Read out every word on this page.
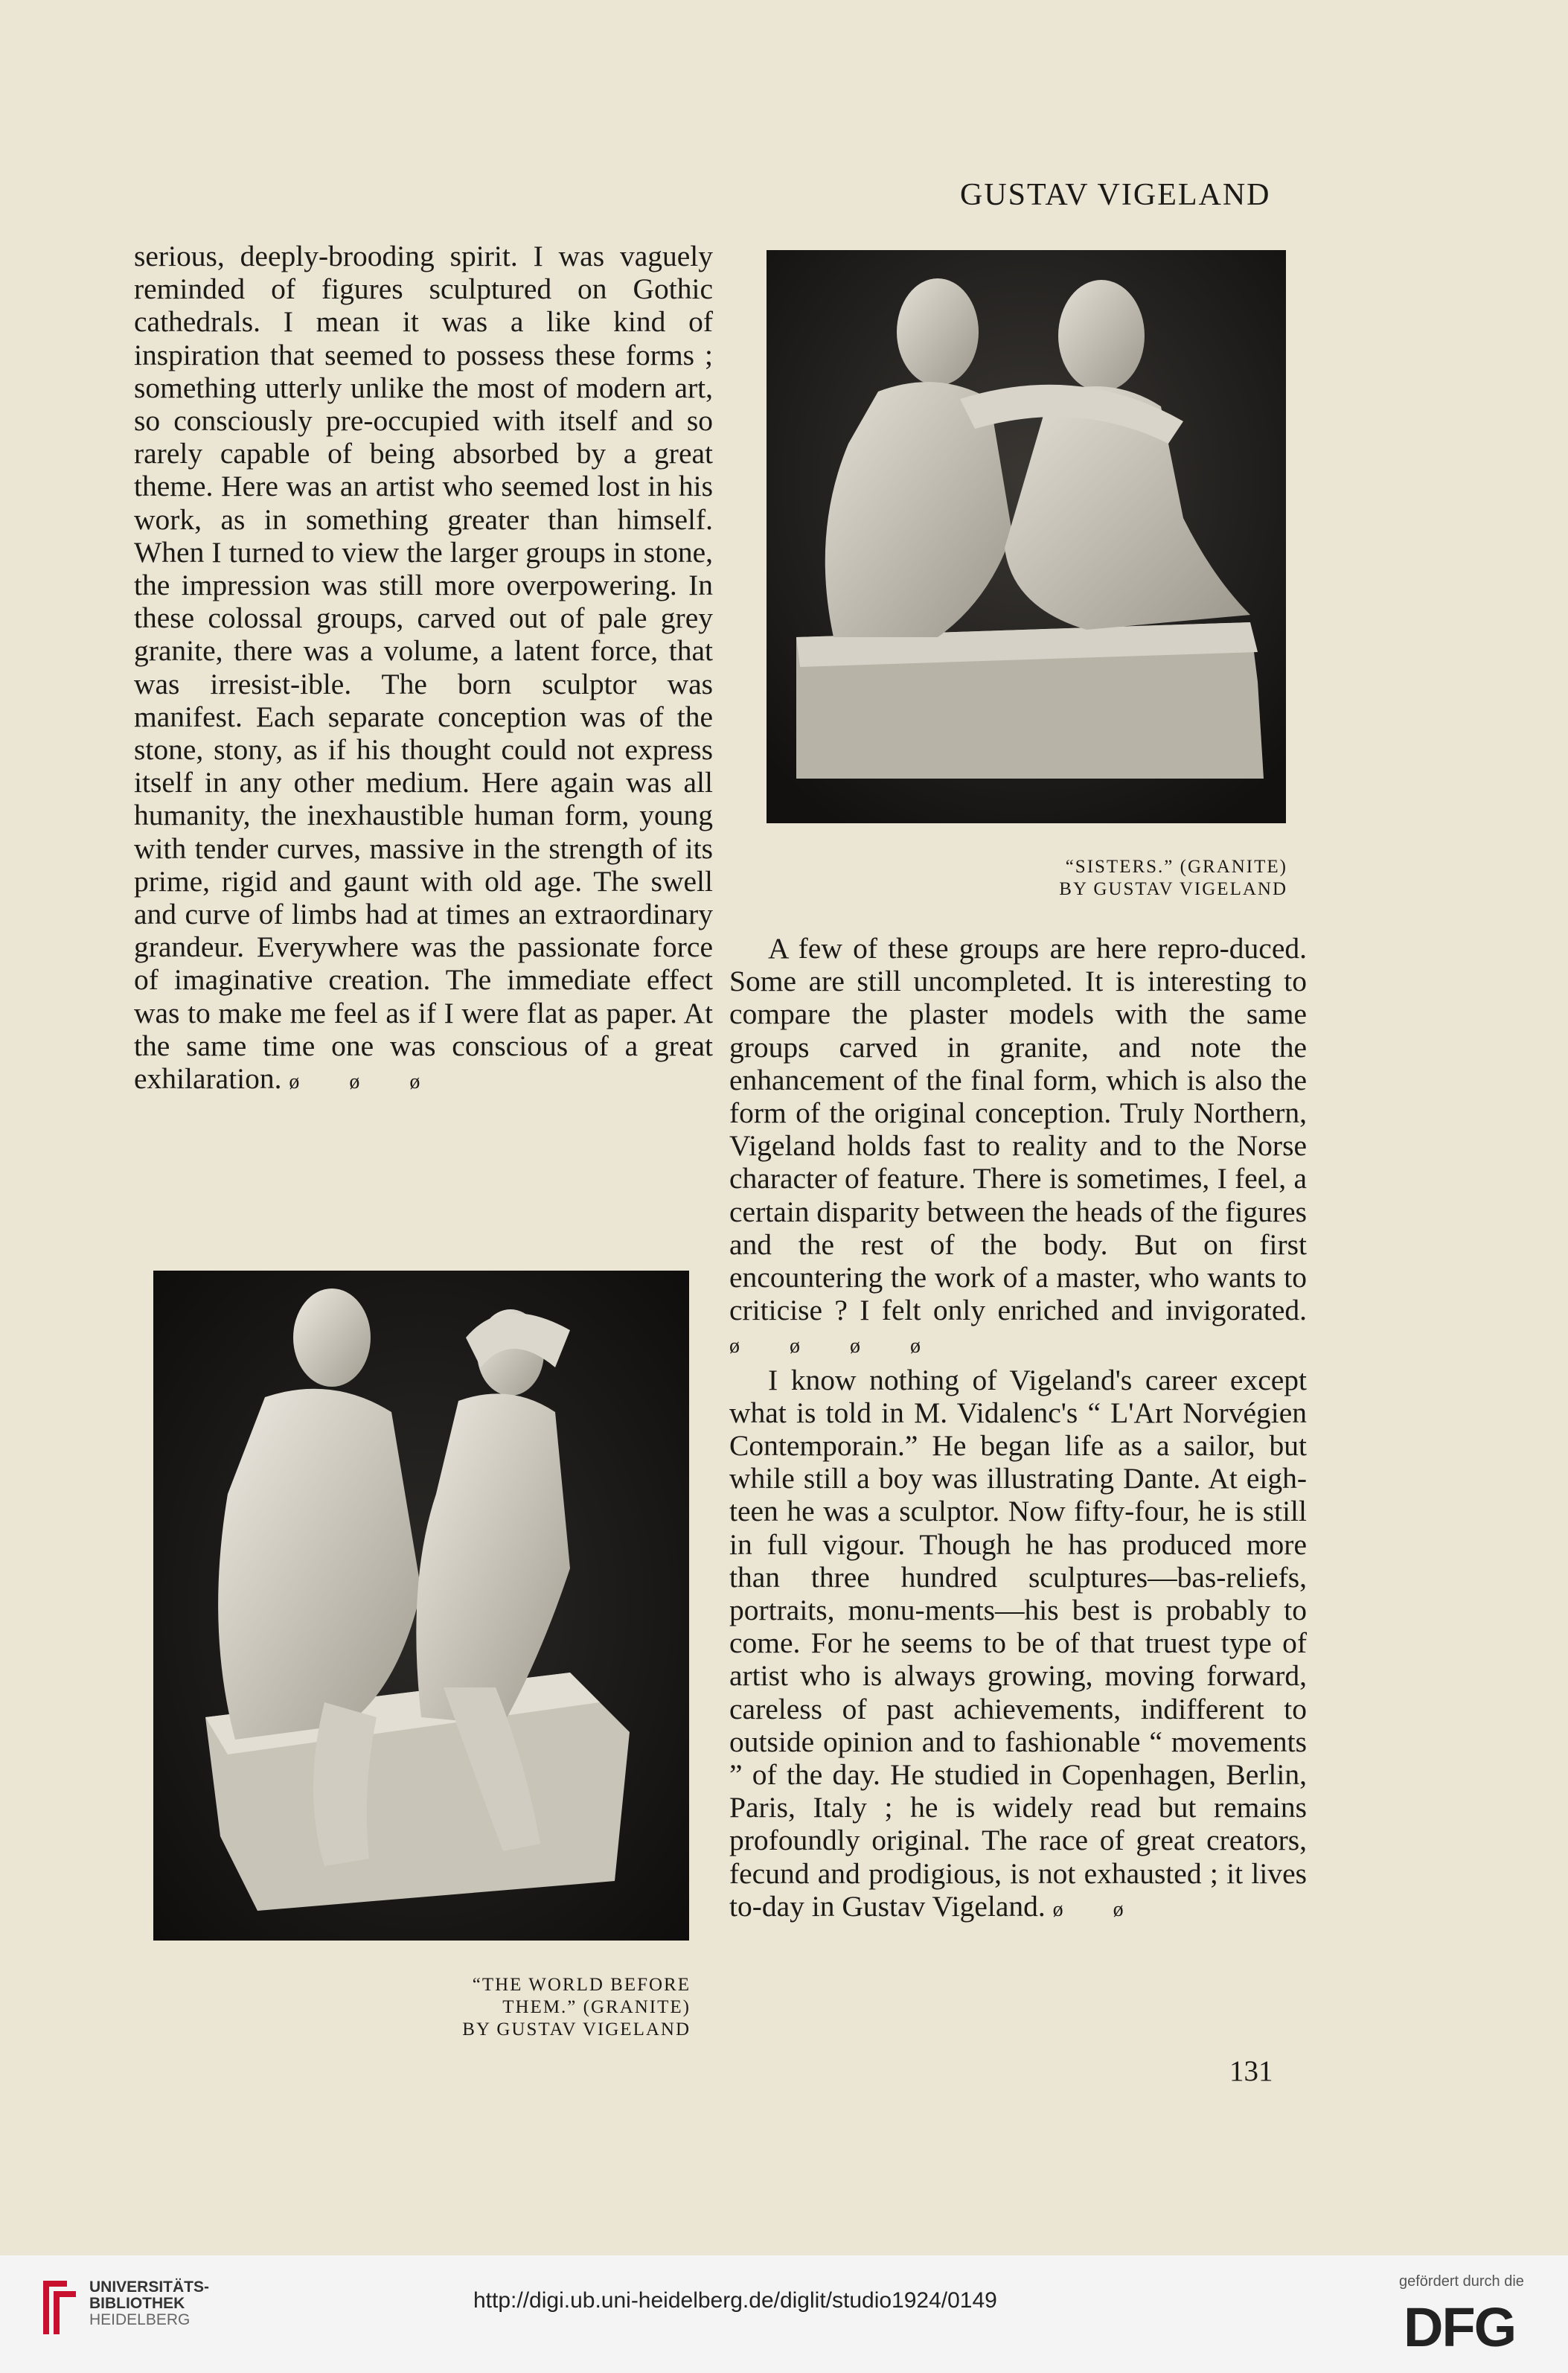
GUSTAV VIGELAND

serious, deeply-brooding spirit. I was vaguely reminded of figures sculptured on Gothic cathedrals. I mean it was a like kind of inspiration that seemed to possess these forms ; something utterly unlike the most of modern art, so consciously pre-occupied with itself and so rarely capable of being absorbed by a great theme. Here was an artist who seemed lost in his work, as in something greater than himself. When I turned to view the larger groups in stone, the impression was still more overpowering. In these colossal groups, carved out of pale grey granite, there was a volume, a latent force, that was irresist-ible. The born sculptor was manifest. Each separate conception was of the stone, stony, as if his thought could not express itself in any other medium. Here again was all humanity, the inexhaustible human form, young with tender curves, massive in the strength of its prime, rigid and gaunt with old age. The swell and curve of limbs had at times an extraordinary grandeur. Everywhere was the passionate force of imaginative creation. The immediate effect was to make me feel as if I were flat as paper. At the same time one was conscious of a great exhilaration. ø ø ø

“SISTERS.” (GRANITE)
BY GUSTAV VIGELAND
“THE WORLD BEFORE
THEM.” (GRANITE)
BY GUSTAV VIGELAND

A few of these groups are here repro-duced. Some are still uncompleted. It is interesting to compare the plaster models with the same groups carved in granite, and note the enhancement of the final form, which is also the form of the original conception. Truly Northern, Vigeland holds fast to reality and to the Norse character of feature. There is sometimes, I feel, a certain disparity between the heads of the figures and the rest of the body. But on first encountering the work of a master, who wants to criticise ? I felt only enriched and invigorated. ø ø ø ø

I know nothing of Vigeland's career except what is told in M. Vidalenc's “ L'Art Norvégien Contemporain.” He began life as a sailor, but while still a boy was illustrating Dante. At eigh-teen he was a sculptor. Now fifty-four, he is still in full vigour. Though he has produced more than three hundred sculptures—bas-reliefs, portraits, monu-ments—his best is probably to come. For he seems to be of that truest type of artist who is always growing, moving forward, careless of past achievements, indifferent to outside opinion and to fashionable “ movements ” of the day. He studied in Copenhagen, Berlin, Paris, Italy ; he is widely read but remains profoundly original. The race of great creators, fecund and prodigious, is not exhausted ; it lives to-day in Gustav Vigeland. ø ø

131
UNIVERSITÄTS-
BIBLIOTHEK
HEIDELBERG
http://digi.ub.uni-heidelberg.de/diglit/studio1924/0149
gefördert durch die
DFG
